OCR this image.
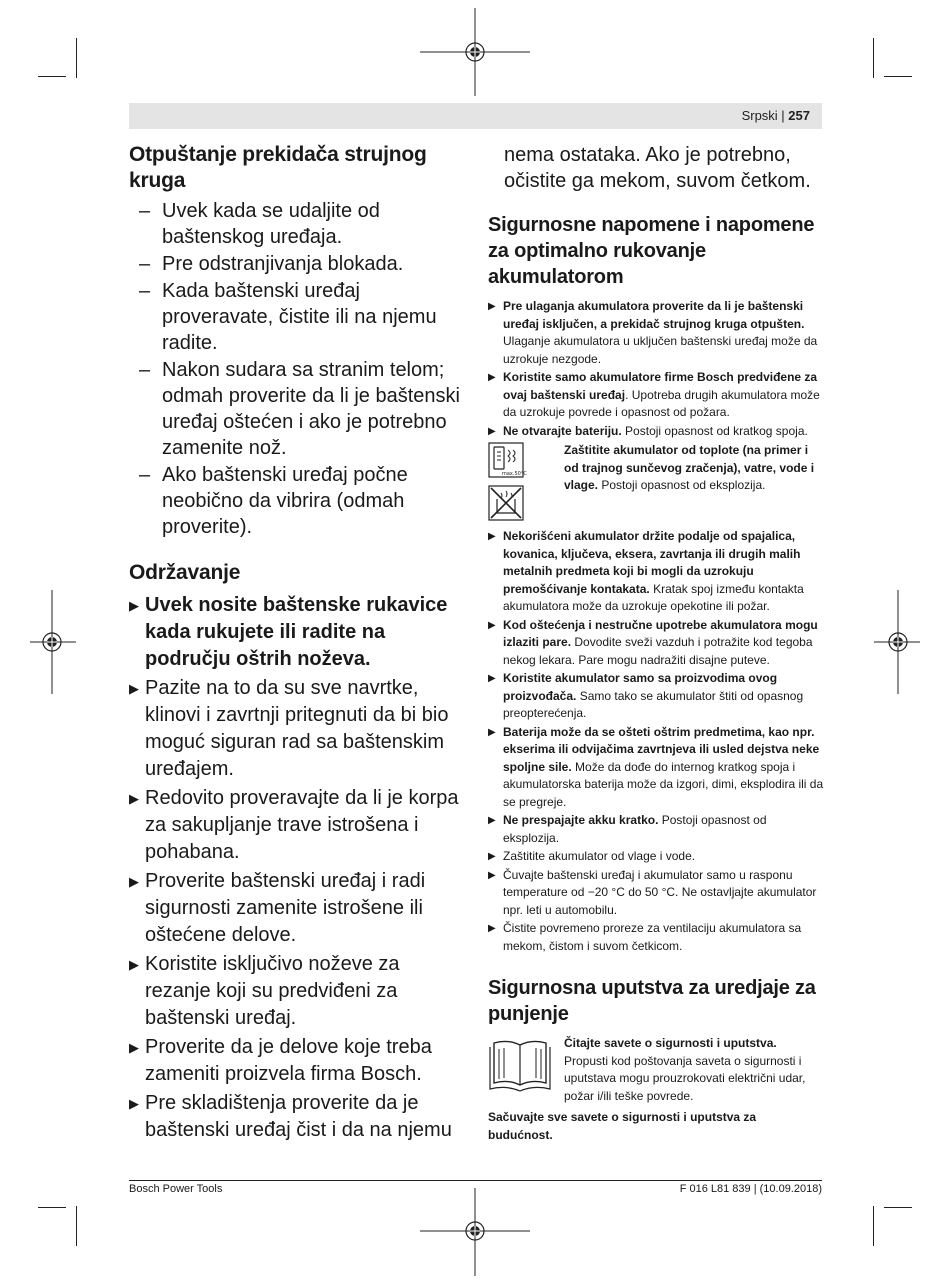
Srpski | 257
Otpuštanje prekidača strujnog kruga
– Uvek kada se udaljite od baštenskog uređaja.
– Pre odstranjivanja blokada.
– Kada baštenski uređaj proveravate, čistite ili na njemu radite.
– Nakon sudara sa stranim telom; odmah proverite da li je baštenski uređaj oštećen i ako je potrebno zamenite nož.
– Ako baštenski uređaj počne neobično da vibrira (odmah proverite).
Održavanje
▶ Uvek nosite baštenske rukavice kada rukujete ili radite na području oštrih noževa.
▶ Pazite na to da su sve navrtke, klinovi i zavrtnji pritegnuti da bi bio moguć siguran rad sa baštenskim uređajem.
▶ Redovito proveravajte da li je korpa za sakupljanje trave istrošena i pohabana.
▶ Proverite baštenski uređaj i radi sigurnosti zamenite istrošene ili oštećene delove.
▶ Koristite isključivo noževe za rezanje koji su predviđeni za baštenski uređaj.
▶ Proverite da je delove koje treba zameniti proizvela firma Bosch.
▶ Pre skladištenja proverite da je baštenski uređaj čist i da na njemu

nema ostataka. Ako je potrebno, očistite ga mekom, suvom četkom.

Sigurnosne napomene i napomene za optimalno rukovanje akumulatorom
▶ Pre ulaganja akumulatora proverite da li je baštenski uređaj isključen, a prekidač strujnog kruga otpušten. Ulaganje akumulatora u uključen baštenski uređaj može da uzrokuje nezgode.
▶ Koristite samo akumulatore firme Bosch predviđene za ovaj baštenski uređaj. Upotreba drugih akumulatora može da uzrokuje povrede i opasnost od požara.
▶ Ne otvarajte bateriju. Postoji opasnost od kratkog spoja.
max.50°C
Zaštitite akumulator od toplote (na primer i od trajnog sunčevog zračenja), vatre, vode i vlage. Postoji opasnost od eksplozija.
▶ Nekorišćeni akumulator držite podalje od spajalica, kovanica, ključeva, eksera, zavrtanja ili drugih malih metalnih predmeta koji bi mogli da uzrokuju premošćivanje kontakata. Kratak spoj između kontakta akumulatora može da uzrokuje opekotine ili požar.
▶ Kod oštećenja i nestručne upotrebe akumulatora mogu izlaziti pare. Dovodite sveži vazduh i potražite kod tegoba nekog lekara. Pare mogu nadražiti disajne puteve.
▶ Koristite akumulator samo sa proizvodima ovog proizvođača. Samo tako se akumulator štiti od opasnog preopterećenja.
▶ Baterija može da se ošteti oštrim predmetima, kao npr. ekserima ili odvijačima zavrtnjeva ili usled dejstva neke spoljne sile. Može da dođe do internog kratkog spoja i akumulatorska baterija može da izgori, dimi, eksplodira ili da se pregreje.
▶ Ne prespajajte akku kratko. Postoji opasnost od eksplozija.
▶ Zaštitite akumulator od vlage i vode.
▶ Čuvajte baštenski uređaj i akumulator samo u rasponu temperature od −20 °C do 50 °C. Ne ostavljajte akumulator npr. leti u automobilu.
▶ Čistite povremeno proreze za ventilaciju akumulatora sa mekom, čistom i suvom četkicom.
Sigurnosna uputstva za uredjaje za punjenje
Čitajte savete o sigurnosti i uputstva.
Propusti kod poštovanja saveta o sigurnosti i uputstava mogu prouzrokovati električni udar, požar i/ili teške povrede.

Sačuvajte sve savete o sigurnosti i uputstva za budućnost.

Bosch Power Tools	F 016 L81 839 | (10.09.2018)
